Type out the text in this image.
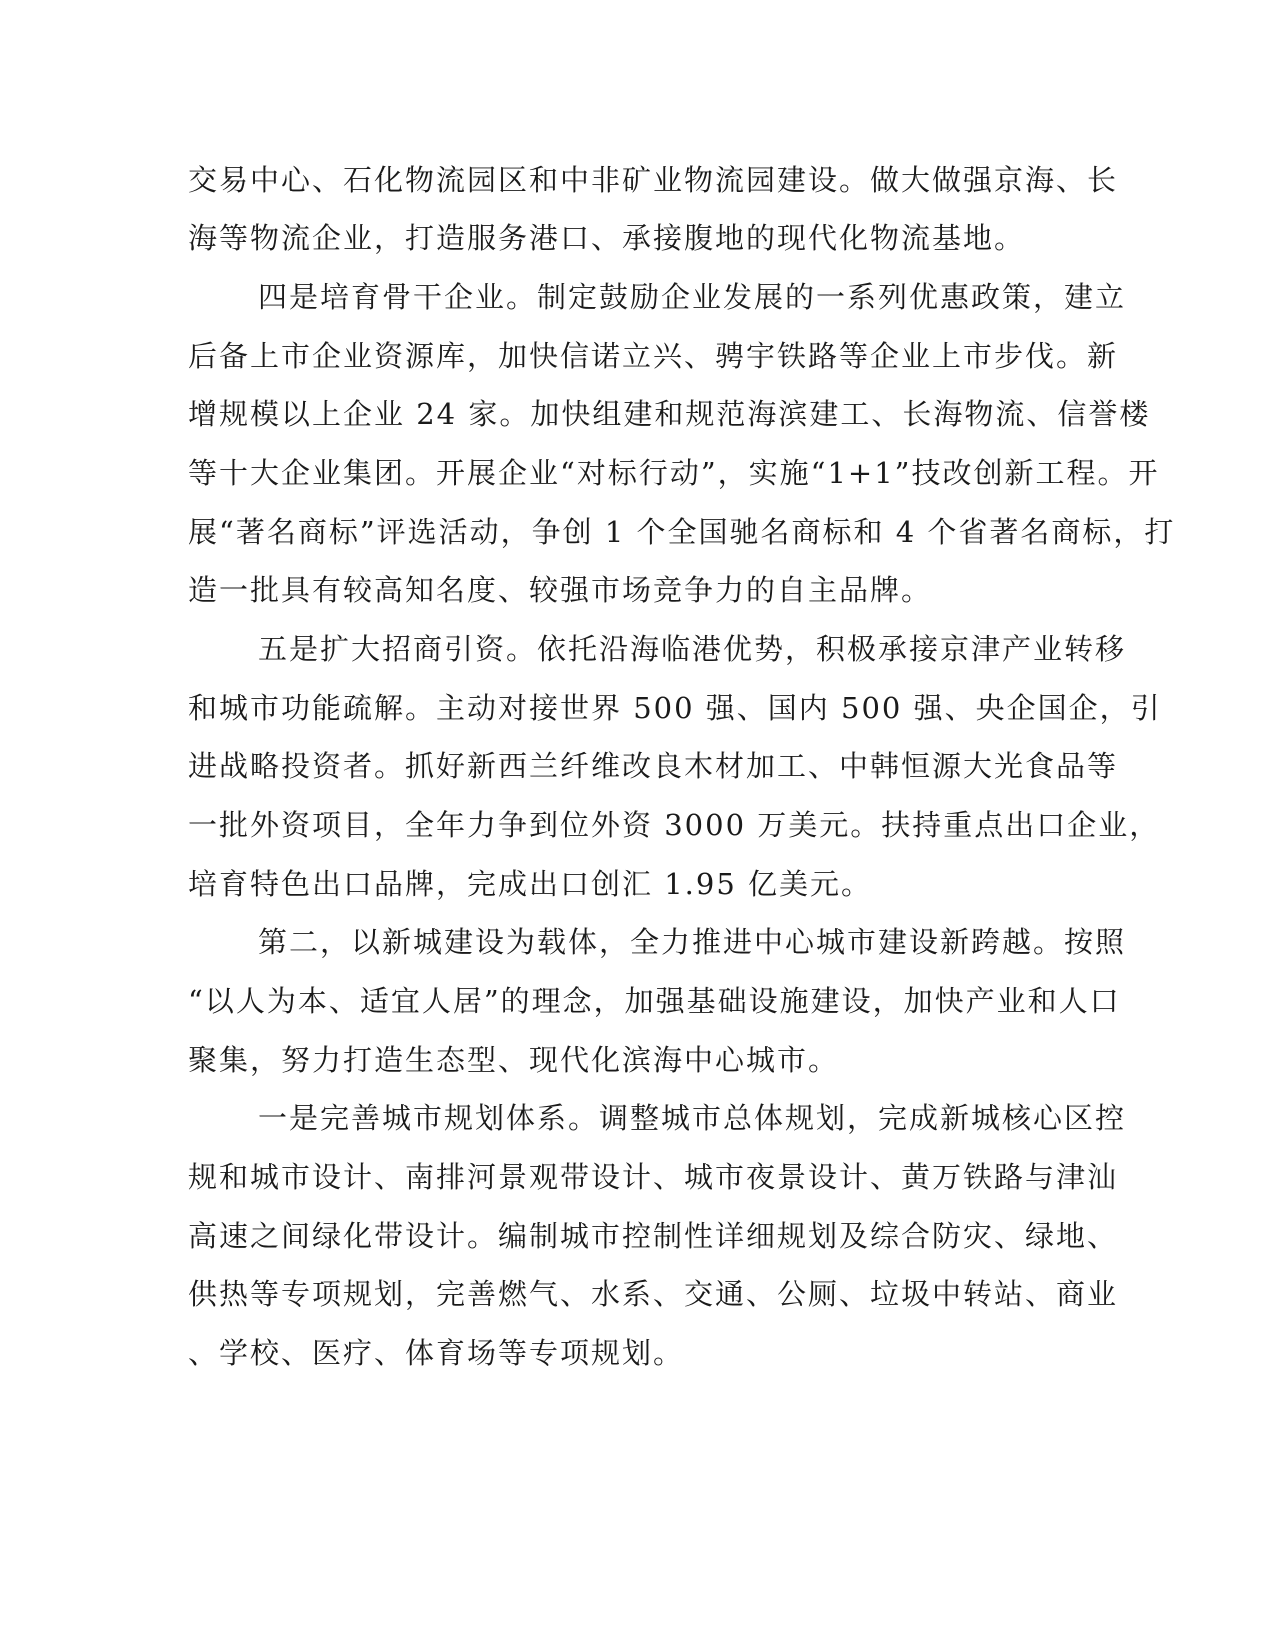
交易中心、石化物流园区和中非矿业物流园建设。做大做强京海、长
海等物流企业，打造服务港口、承接腹地的现代化物流基地。
四是培育骨干企业。制定鼓励企业发展的一系列优惠政策，建立
后备上市企业资源库，加快信诺立兴、骋宇铁路等企业上市步伐。新
增规模以上企业 24 家。加快组建和规范海滨建工、长海物流、信誉楼
等十大企业集团。开展企业“对标行动”，实施“1+1”技改创新工程。开
展“著名商标”评选活动，争创 1 个全国驰名商标和 4 个省著名商标，打
造一批具有较高知名度、较强市场竞争力的自主品牌。
五是扩大招商引资。依托沿海临港优势，积极承接京津产业转移
和城市功能疏解。主动对接世界 500 强、国内 500 强、央企国企，引
进战略投资者。抓好新西兰纤维改良木材加工、中韩恒源大光食品等
一批外资项目，全年力争到位外资 3000 万美元。扶持重点出口企业，
培育特色出口品牌，完成出口创汇 1.95 亿美元。
第二，以新城建设为载体，全力推进中心城市建设新跨越。按照
“以人为本、适宜人居”的理念，加强基础设施建设，加快产业和人口
聚集，努力打造生态型、现代化滨海中心城市。
一是完善城市规划体系。调整城市总体规划，完成新城核心区控
规和城市设计、南排河景观带设计、城市夜景设计、黄万铁路与津汕
高速之间绿化带设计。编制城市控制性详细规划及综合防灾、绿地、
供热等专项规划，完善燃气、水系、交通、公厕、垃圾中转站、商业
、学校、医疗、体育场等专项规划。
